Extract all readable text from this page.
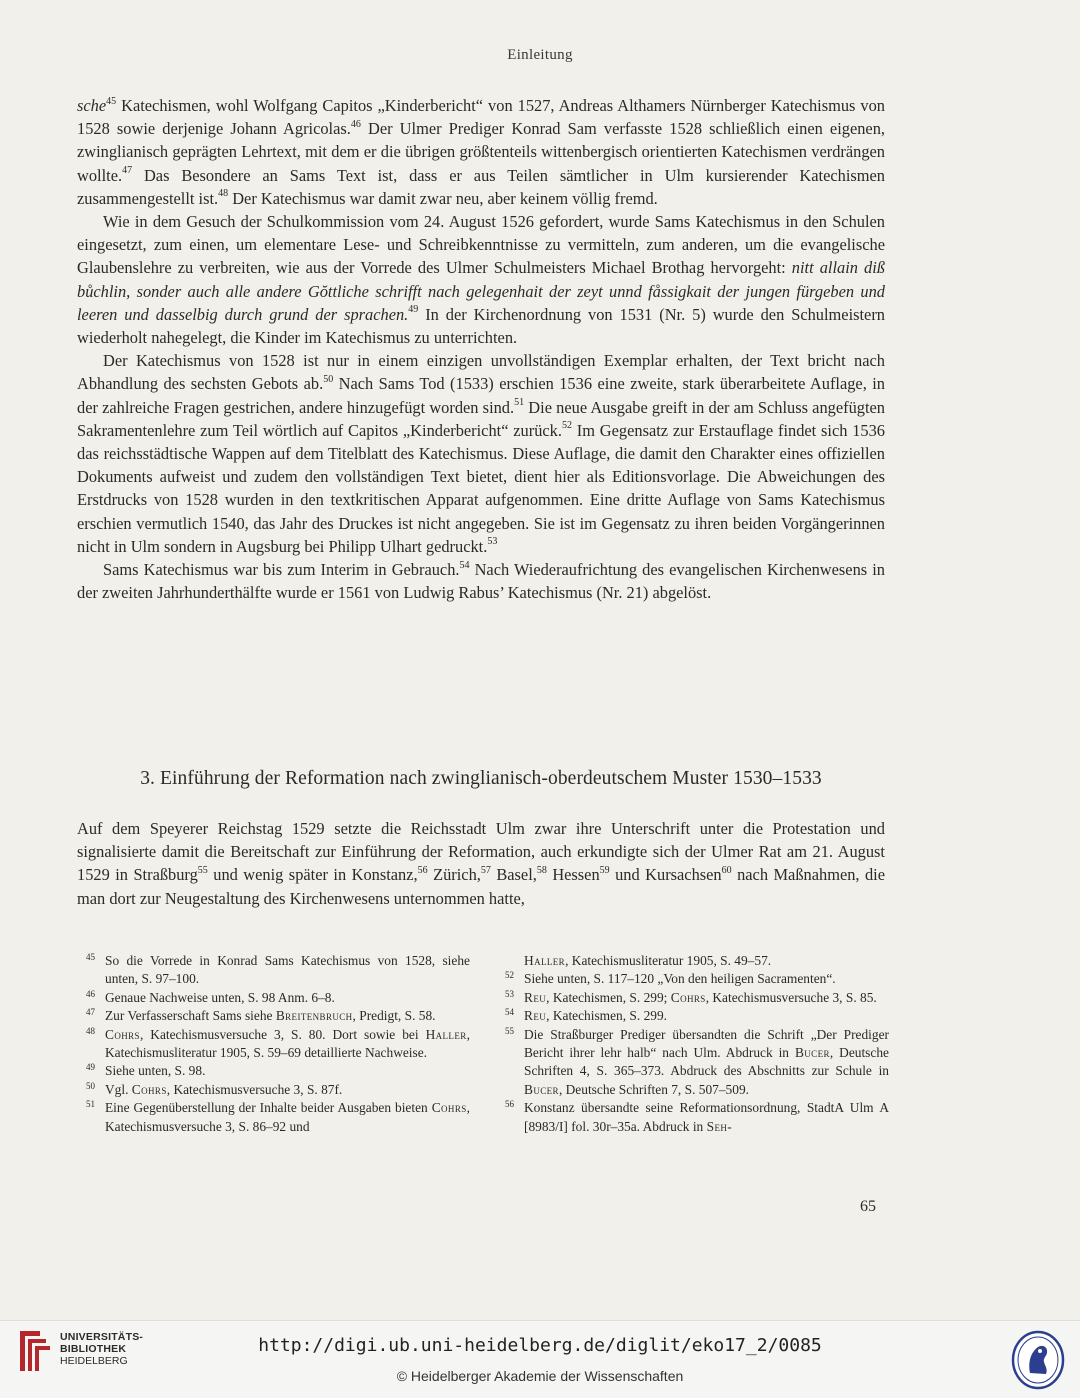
Einleitung

sche$^{45}$ Katechismen, wohl Wolfgang Capitos „Kinderbericht“ von 1527, Andreas Althamers Nürnberger Katechismus von 1528 sowie derjenige Johann Agricolas.$^{46}$ Der Ulmer Prediger Konrad Sam verfasste 1528 schließlich einen eigenen, zwinglianisch geprägten Lehrtext, mit dem er die übrigen größtenteils wittenbergisch orientierten Katechismen verdrängen wollte.$^{47}$ Das Besondere an Sams Text ist, dass er aus Teilen sämtlicher in Ulm kursierender Katechismen zusammengestellt ist.$^{48}$ Der Katechismus war damit zwar neu, aber keinem völlig fremd.

Wie in dem Gesuch der Schulkommission vom 24. August 1526 gefordert, wurde Sams Katechismus in den Schulen eingesetzt, zum einen, um elementare Lese- und Schreibkenntnisse zu vermitteln, zum anderen, um die evangelische Glaubenslehre zu verbreiten, wie aus der Vorrede des Ulmer Schulmeisters Michael Brothag hervorgeht: nitt allain diß bůchlin, sonder auch alle andere Gŏttliche schrifft nach gelegenhait der zeyt unnd fåssigkait der jungen fürgeben und leeren und dasselbig durch grund der sprachen.$^{49}$ In der Kirchenordnung von 1531 (Nr. 5) wurde den Schulmeistern wiederholt nahegelegt, die Kinder im Katechismus zu unterrichten.

Der Katechismus von 1528 ist nur in einem einzigen unvollständigen Exemplar erhalten, der Text bricht nach Abhandlung des sechsten Gebots ab.$^{50}$ Nach Sams Tod (1533) erschien 1536 eine zweite, stark überarbeitete Auflage, in der zahlreiche Fragen gestrichen, andere hinzugefügt worden sind.$^{51}$ Die neue Ausgabe greift in der am Schluss angefügten Sakramentenlehre zum Teil wörtlich auf Capitos „Kinderbericht“ zurück.$^{52}$ Im Gegensatz zur Erstauflage findet sich 1536 das reichsstädtische Wappen auf dem Titelblatt des Katechismus. Diese Auflage, die damit den Charakter eines offiziellen Dokuments aufweist und zudem den vollständigen Text bietet, dient hier als Editionsvorlage. Die Abweichungen des Erstdrucks von 1528 wurden in den textkritischen Apparat aufgenommen. Eine dritte Auflage von Sams Katechismus erschien vermutlich 1540, das Jahr des Druckes ist nicht angegeben. Sie ist im Gegensatz zu ihren beiden Vorgängerinnen nicht in Ulm sondern in Augsburg bei Philipp Ulhart gedruckt.$^{53}$

Sams Katechismus war bis zum Interim in Gebrauch.$^{54}$ Nach Wiederaufrichtung des evangelischen Kirchenwesens in der zweiten Jahrhunderthälfte wurde er 1561 von Ludwig Rabus’ Katechismus (Nr. 21) abgelöst.

3. Einführung der Reformation nach zwinglianisch-oberdeutschem Muster 1530–1533

Auf dem Speyerer Reichstag 1529 setzte die Reichsstadt Ulm zwar ihre Unterschrift unter die Protestation und signalisierte damit die Bereitschaft zur Einführung der Reformation, auch erkundigte sich der Ulmer Rat am 21. August 1529 in Straßburg$^{55}$ und wenig später in Konstanz,$^{56}$ Zürich,$^{57}$ Basel,$^{58}$ Hessen$^{59}$ und Kursachsen$^{60}$ nach Maßnahmen, die man dort zur Neugestaltung des Kirchenwesens unternommen hatte,

45 So die Vorrede in Konrad Sams Katechismus von 1528, siehe unten, S. 97–100.

46 Genaue Nachweise unten, S. 98 Anm. 6–8.

47 Zur Verfasserschaft Sams siehe Breitenbruch, Predigt, S. 58.

48 Cohrs, Katechismusversuche 3, S. 80. Dort sowie bei Haller, Katechismusliteratur 1905, S. 59–69 detaillierte Nachweise.

49 Siehe unten, S. 98.

50 Vgl. Cohrs, Katechismusversuche 3, S. 87f.

51 Eine Gegenüberstellung der Inhalte beider Ausgaben bieten Cohrs, Katechismusversuche 3, S. 86–92 und

Haller, Katechismusliteratur 1905, S. 49–57.

52 Siehe unten, S. 117–120 „Von den heiligen Sacramenten“.

53 Reu, Katechismen, S. 299; Cohrs, Katechismusversuche 3, S. 85.

54 Reu, Katechismen, S. 299.

55 Die Straßburger Prediger übersandten die Schrift „Der Prediger Bericht ihrer lehr halb“ nach Ulm. Abdruck in Bucer, Deutsche Schriften 4, S. 365–373. Abdruck des Abschnitts zur Schule in Bucer, Deutsche Schriften 7, S. 507–509.

56 Konstanz übersandte seine Reformationsordnung, StadtA Ulm A [8983/I] fol. 30r–35a. Abdruck in Seh-

65
UNIVERSITÄTS-
BIBLIOTHEK
HEIDELBERG
http://digi.ub.uni-heidelberg.de/diglit/eko17_2/0085
© Heidelberger Akademie der Wissenschaften
